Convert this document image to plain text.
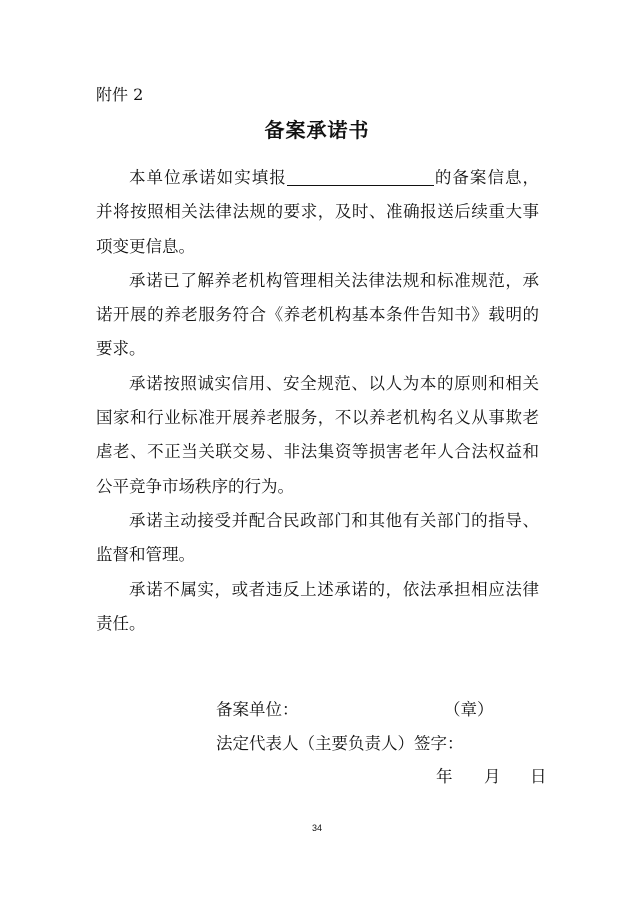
附件 2
备案承诺书

本单位承诺如实填报	的备案信息，并将按照相关法律法规的要求，及时、准确报送后续重大事项变更信息。

承诺已了解养老机构管理相关法律法规和标准规范，承诺开展的养老服务符合《养老机构基本条件告知书》载明的要求。

承诺按照诚实信用、安全规范、以人为本的原则和相关国家和行业标准开展养老服务，不以养老机构名义从事欺老虐老、不正当关联交易、非法集资等损害老年人合法权益和公平竞争市场秩序的行为。

承诺主动接受并配合民政部门和其他有关部门的指导、监督和管理。

承诺不属实，或者违反上述承诺的，依法承担相应法律责任。

备案单位：	（章）
法定代表人（主要负责人）签字：
年 月 日
34
